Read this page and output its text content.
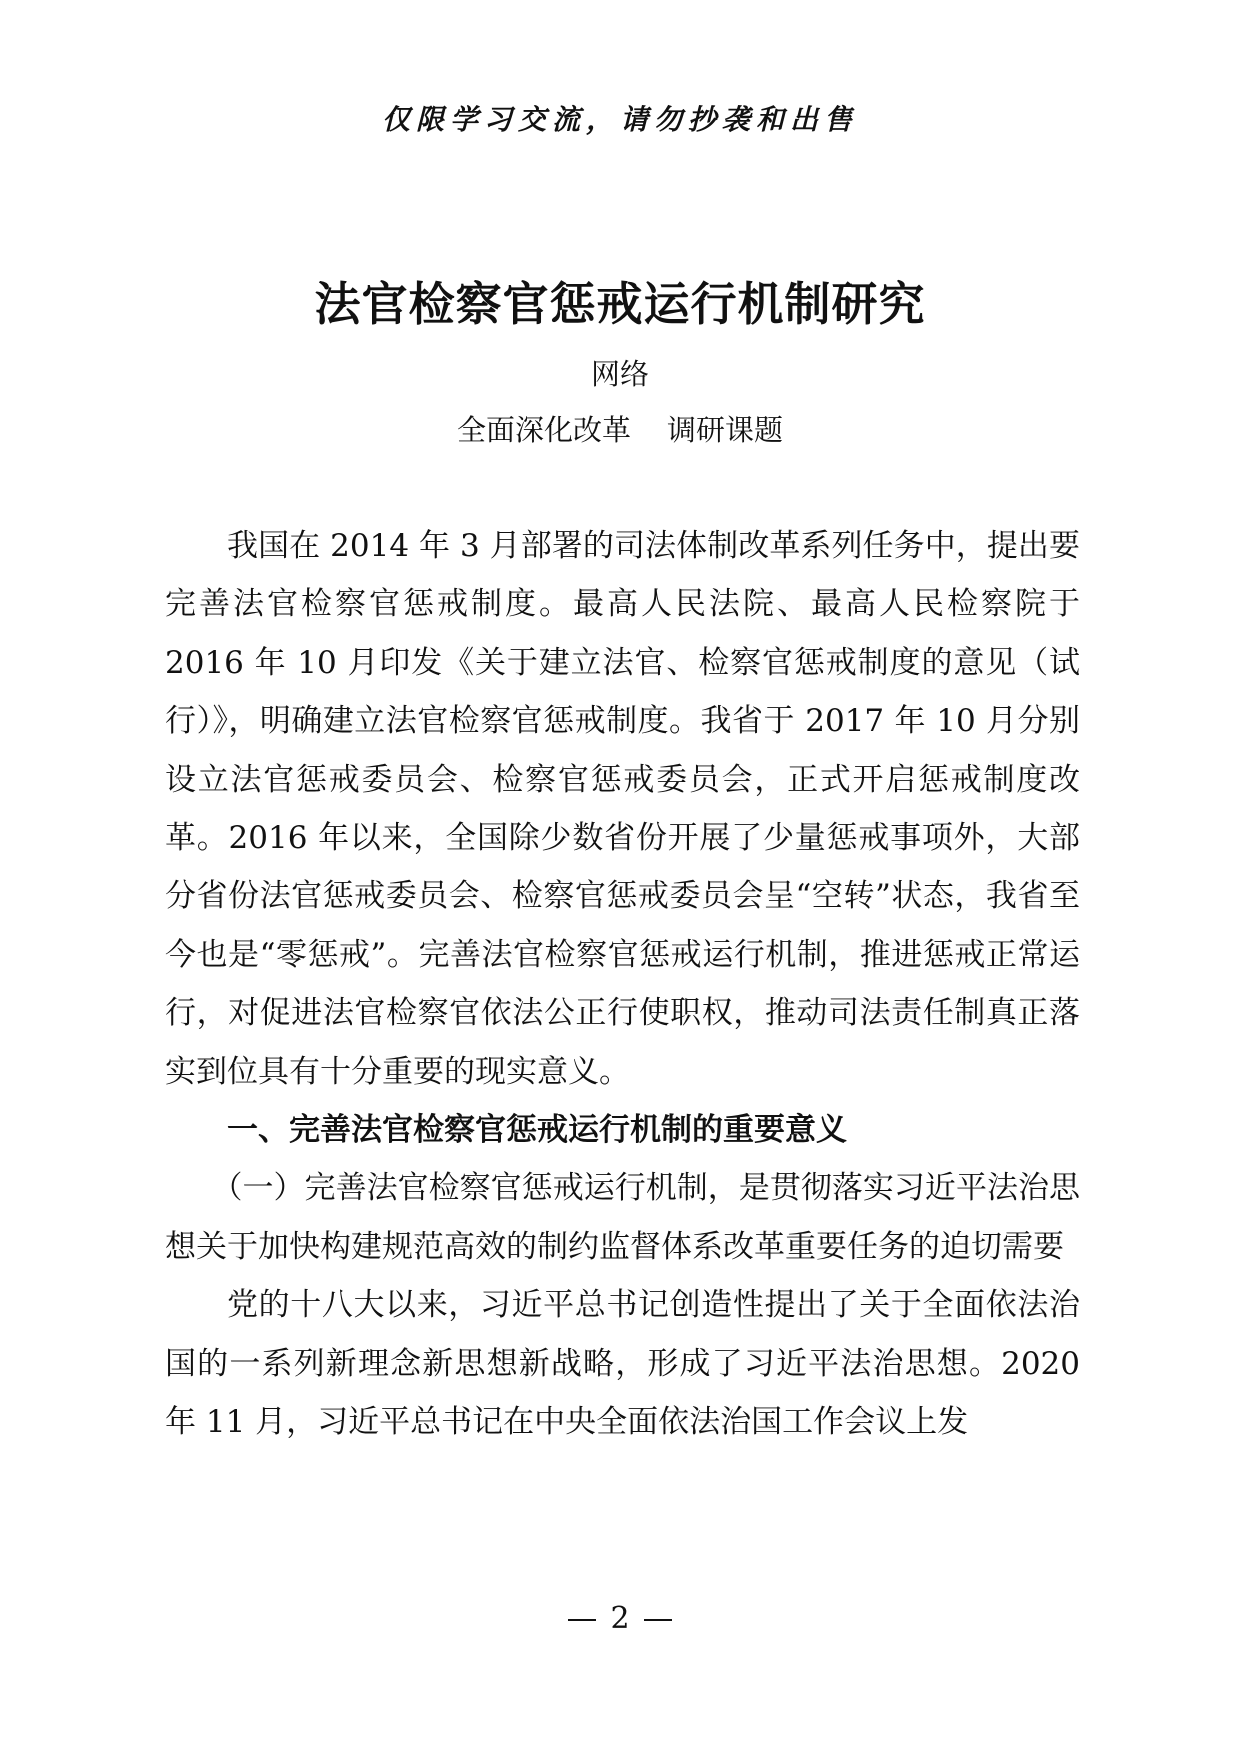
仅限学习交流，请勿抄袭和出售
法官检察官惩戒运行机制研究
网络
全面深化改革 调研课题

我国在 2014 年 3 月部署的司法体制改革系列任务中，提出要完善法官检察官惩戒制度。最高人民法院、最高人民检察院于 2016 年 10 月印发《关于建立法官、检察官惩戒制度的意见（试行）》，明确建立法官检察官惩戒制度。我省于 2017 年 10 月分别设立法官惩戒委员会、检察官惩戒委员会，正式开启惩戒制度改革。2016 年以来，全国除少数省份开展了少量惩戒事项外，大部分省份法官惩戒委员会、检察官惩戒委员会呈“空转”状态，我省至今也是“零惩戒”。完善法官检察官惩戒运行机制，推进惩戒正常运行，对促进法官检察官依法公正行使职权，推动司法责任制真正落实到位具有十分重要的现实意义。

一、完善法官检察官惩戒运行机制的重要意义

（一）完善法官检察官惩戒运行机制，是贯彻落实习近平法治思想关于加快构建规范高效的制约监督体系改革重要任务的迫切需要

党的十八大以来，习近平总书记创造性提出了关于全面依法治国的一系列新理念新思想新战略，形成了习近平法治思想。2020 年 11 月，习近平总书记在中央全面依法治国工作会议上发

2
